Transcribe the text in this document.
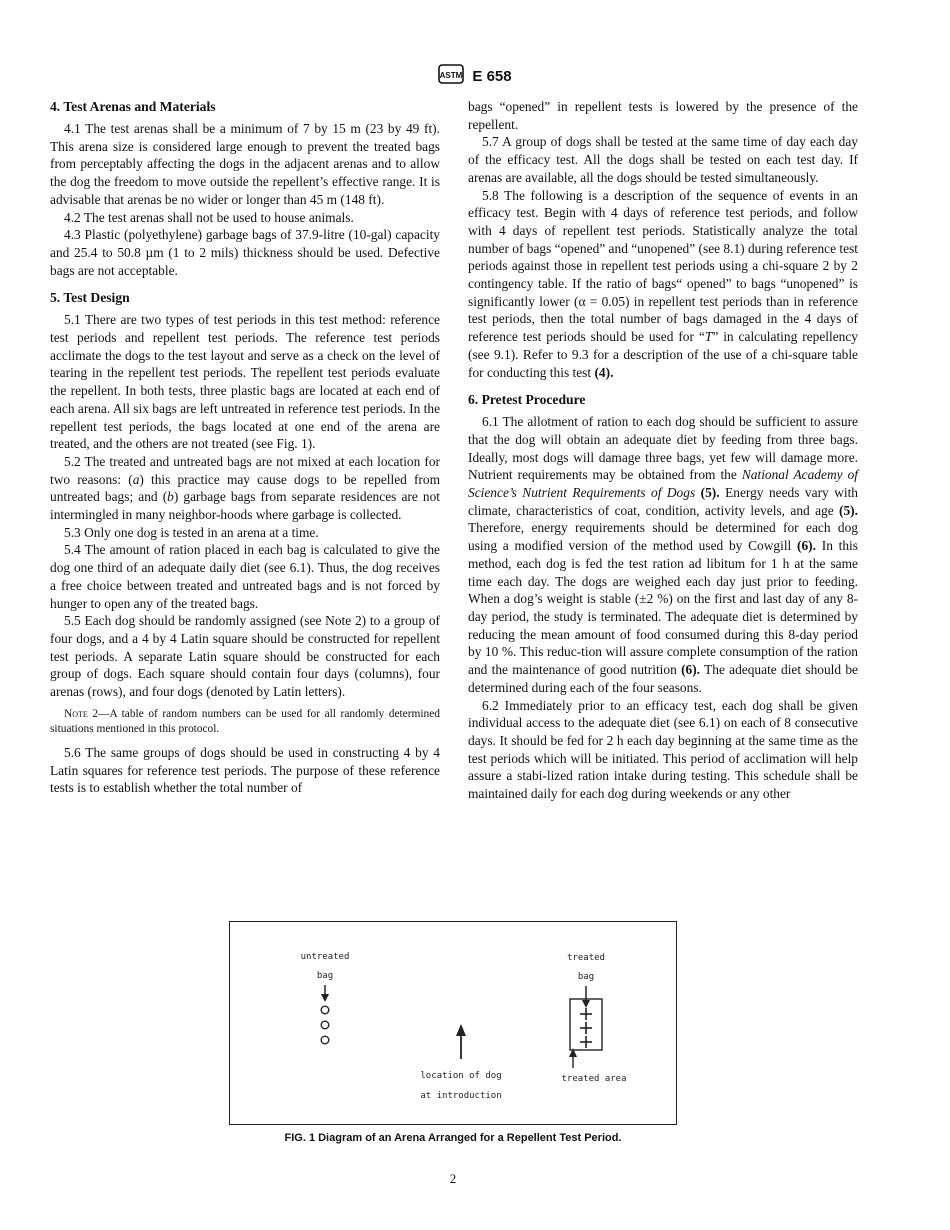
ASTM E 658
4. Test Arenas and Materials

4.1 The test arenas shall be a minimum of 7 by 15 m (23 by 49 ft). This arena size is considered large enough to prevent the treated bags from perceptably affecting the dogs in the adjacent arenas and to allow the dog the freedom to move outside the repellent’s effective range. It is advisable that arenas be no wider or longer than 45 m (148 ft).

4.2 The test arenas shall not be used to house animals.

4.3 Plastic (polyethylene) garbage bags of 37.9-litre (10-gal) capacity and 25.4 to 50.8 µm (1 to 2 mils) thickness should be used. Defective bags are not acceptable.

5. Test Design

5.1 There are two types of test periods in this test method: reference test periods and repellent test periods. The reference test periods acclimate the dogs to the test layout and serve as a check on the level of tearing in the repellent test periods. The repellent test periods evaluate the repellent. In both tests, three plastic bags are located at each end of each arena. All six bags are left untreated in reference test periods. In the repellent test periods, the bags located at one end of the arena are treated, and the others are not treated (see Fig. 1).

5.2 The treated and untreated bags are not mixed at each location for two reasons: (a) this practice may cause dogs to be repelled from untreated bags; and (b) garbage bags from separate residences are not intermingled in many neighbor-hoods where garbage is collected.

5.3 Only one dog is tested in an arena at a time.

5.4 The amount of ration placed in each bag is calculated to give the dog one third of an adequate daily diet (see 6.1). Thus, the dog receives a free choice between treated and untreated bags and is not forced by hunger to open any of the treated bags.

5.5 Each dog should be randomly assigned (see Note 2) to a group of four dogs, and a 4 by 4 Latin square should be constructed for repellent test periods. A separate Latin square should be constructed for each group of dogs. Each square should contain four days (columns), four arenas (rows), and four dogs (denoted by Latin letters).

Note 2—A table of random numbers can be used for all randomly determined situations mentioned in this protocol.

5.6 The same groups of dogs should be used in constructing 4 by 4 Latin squares for reference test periods. The purpose of these reference tests is to establish whether the total number of

bags “opened” in repellent tests is lowered by the presence of the repellent.

5.7 A group of dogs shall be tested at the same time of day each day of the efficacy test. All the dogs shall be tested on each test day. If arenas are available, all the dogs should be tested simultaneously.

5.8 The following is a description of the sequence of events in an efficacy test. Begin with 4 days of reference test periods, and follow with 4 days of repellent test periods. Statistically analyze the total number of bags “opened” and “unopened” (see 8.1) during reference test periods against those in repellent test periods using a chi-square 2 by 2 contingency table. If the ratio of bags“ opened” to bags “unopened” is significantly lower (α = 0.05) in repellent test periods than in reference test periods, then the total number of bags damaged in the 4 days of reference test periods should be used for “T” in calculating repellency (see 9.1). Refer to 9.3 for a description of the use of a chi-square table for conducting this test (4).

6. Pretest Procedure

6.1 The allotment of ration to each dog should be sufficient to assure that the dog will obtain an adequate diet by feeding from three bags. Ideally, most dogs will damage three bags, yet few will damage more. Nutrient requirements may be obtained from the National Academy of Science’s Nutrient Requirements of Dogs (5). Energy needs vary with climate, characteristics of coat, condition, activity levels, and age (5). Therefore, energy requirements should be determined for each dog using a modified version of the method used by Cowgill (6). In this method, each dog is fed the test ration ad libitum for 1 h at the same time each day. The dogs are weighed each day just prior to feeding. When a dog’s weight is stable (±2 %) on the first and last day of any 8-day period, the study is terminated. The adequate diet is determined by reducing the mean amount of food consumed during this 8-day period by 10 %. This reduc-tion will assure complete consumption of the ration and the maintenance of good nutrition (6). The adequate diet should be determined during each of the four seasons.

6.2 Immediately prior to an efficacy test, each dog shall be given individual access to the adequate diet (see 6.1) on each of 8 consecutive days. It should be fed for 2 h each day beginning at the same time as the test periods which will be initiated. This period of acclimation will help assure a stabi-lized ration intake during testing. This schedule shall be maintained daily for each dog during weekends or any other

untreated
bag
location of dog
at introduction
treated
bag
treated area
FIG. 1 Diagram of an Arena Arranged for a Repellent Test Period.
2
